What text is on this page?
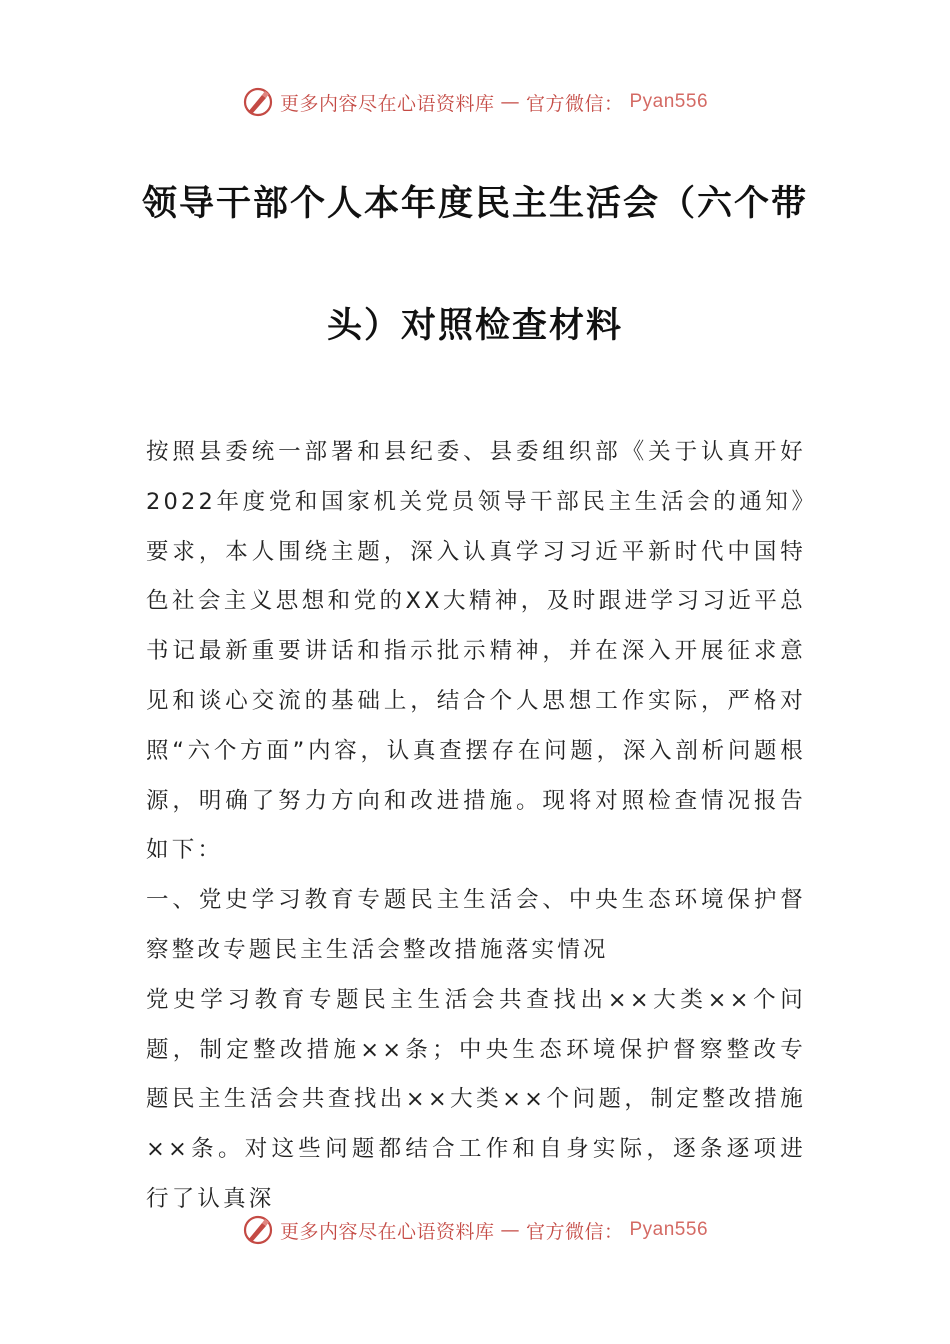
更多内容尽在心语资料库 — 官方微信： Pyan556
领导干部个人本年度民主生活会（六个带
头）对照检查材料

按照县委统一部署和县纪委、县委组织部《关于认真开好2022年度党和国家机关党员领导干部民主生活会的通知》要求，本人围绕主题，深入认真学习习近平新时代中国特色社会主义思想和党的XX大精神，及时跟进学习习近平总书记最新重要讲话和指示批示精神，并在深入开展征求意见和谈心交流的基础上，结合个人思想工作实际，严格对照“六个方面”内容，认真查摆存在问题，深入剖析问题根源，明确了努力方向和改进措施。现将对照检查情况报告如下：

一、党史学习教育专题民主生活会、中央生态环境保护督察整改专题民主生活会整改措施落实情况

党史学习教育专题民主生活会共查找出××大类××个问题，制定整改措施××条；中央生态环境保护督察整改专题民主生活会共查找出××大类××个问题，制定整改措施××条。对这些问题都结合工作和自身实际，逐条逐项进行了认真深

更多内容尽在心语资料库 — 官方微信： Pyan556
